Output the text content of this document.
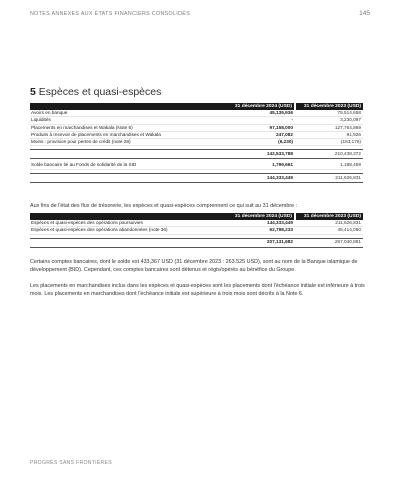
NOTES ANNEXES AUX ÉTATS FINANCIERS CONSOLIDÉS	145
5 Espèces et quasi-espèces
	31 décembre 2024 (USD)	31 décembre 2023 (USD)
Avoirs en banque	45,135,936	79,514,658
Liquidités	-	3,230,097
Placements en marchandises et Wakala (Note 6)	97,158,000	127,764,869
Produits à recevoir de placements en marchandises et Wakala	247,082	91,926
Moins : provision pour pertes de crédit (note 28)	(6,230)	(163,176)

	142,533,788	210,438,372

Solde bancaire lié au Fonds de solidarité de la SID	1,799,661	1,188,459

	144,333,449	211,626,831
Aux fins de l'état des flux de trésorerie, les espèces et quasi-espèces comprennent ce qui suit au 31 décembre :
	31 décembre 2024 (USD)	31 décembre 2023 (USD)
Espèces et quasi-espèces des opérations poursuivies	144,333,449	211,626,831
Espèces et quasi-espèces des opérations abandonnées (note 36)	62,798,233	45,414,050

	207,131,682	257,040,881
Certains comptes bancaires, dont le solde est 433,367 USD (31 décembre 2023 : 263.525 USD), sont au nom de la Banque islamique de développement (BID). Cependant, ces comptes bancaires sont détenus et régis/opérés au bénéfice du Groupe.
Les placements en marchandises inclus dans les espèces et quasi-espèces sont les placements dont l'échéance initiale est inférieure à trois mois. Les placements en marchandises dont l'échéance initiale est supérieure à trois mois sont décrits à la Note 6.
PROGRÈS SANS FRONTIÈRES
